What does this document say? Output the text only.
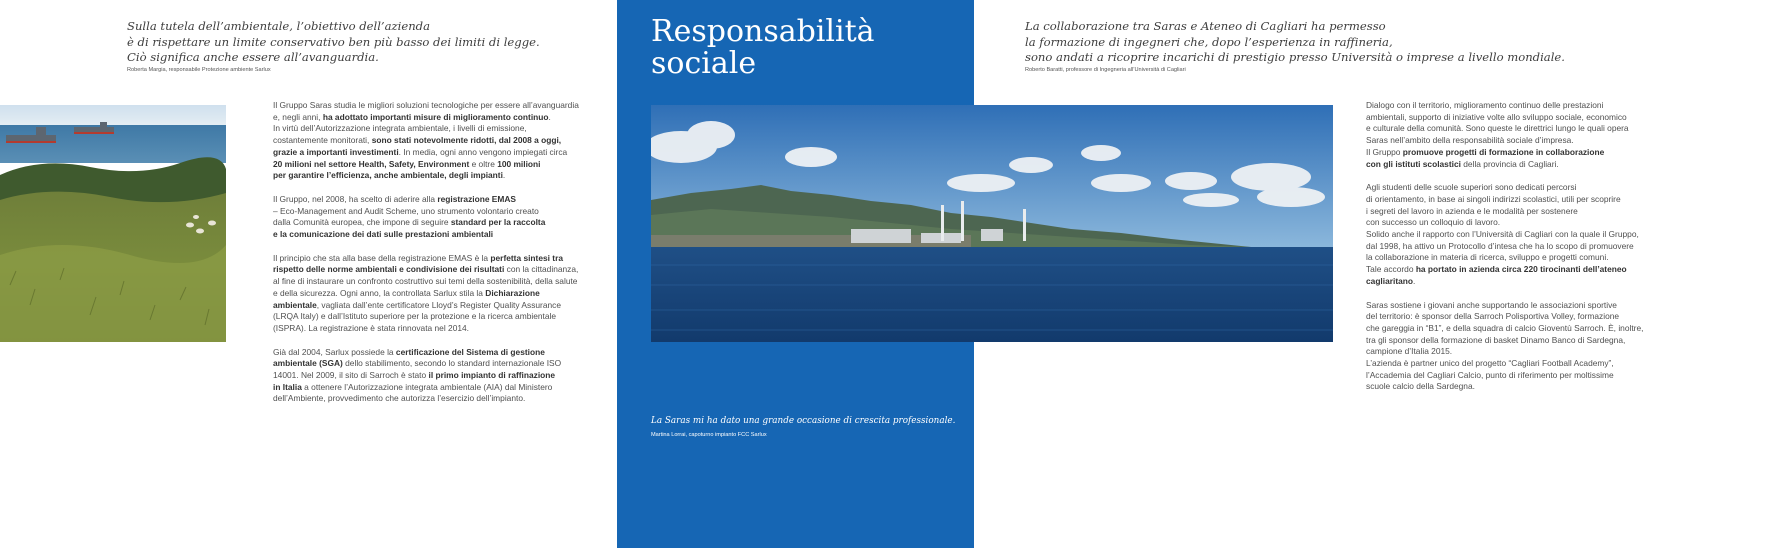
Sulla tutela dell’ambientale, l’obiettivo dell’azienda
è di rispettare un limite conservativo ben più basso dei limiti di legge.
Ciò significa anche essere all’avanguardia.
Roberta Margia, responsabile Protezione ambiente Sarlux

Il Gruppo Saras studia le migliori soluzioni tecnologiche per essere all’avanguardia
e, negli anni, ha adottato importanti misure di miglioramento continuo.
In virtù dell’Autorizzazione integrata ambientale, i livelli di emissione,
costantemente monitorati, sono stati notevolmente ridotti, dal 2008 a oggi,
grazie a importanti investimenti. In media, ogni anno vengono impiegati circa
20 milioni nel settore Health, Safety, Environment e oltre 100 milioni
per garantire l’efficienza, anche ambientale, degli impianti.

Il Gruppo, nel 2008, ha scelto di aderire alla registrazione EMAS
– Eco-Management and Audit Scheme, uno strumento volontario creato
dalla Comunità europea, che impone di seguire standard per la raccolta
e la comunicazione dei dati sulle prestazioni ambientali

Il principio che sta alla base della registrazione EMAS è la perfetta sintesi tra
rispetto delle norme ambientali e condivisione dei risultati con la cittadinanza,
al fine di instaurare un confronto costruttivo sui temi della sostenibilità, della salute
e della sicurezza. Ogni anno, la controllata Sarlux stila la Dichiarazione
ambientale, vagliata dall’ente certificatore Lloyd’s Register Quality Assurance
(LRQA Italy) e dall’Istituto superiore per la protezione e la ricerca ambientale
(ISPRA). La registrazione è stata rinnovata nel 2014.

Già dal 2004, Sarlux possiede la certificazione del Sistema di gestione
ambientale (SGA) dello stabilimento, secondo lo standard internazionale ISO
14001. Nel 2009, il sito di Sarroch è stato il primo impianto di raffinazione
in Italia a ottenere l’Autorizzazione integrata ambientale (AIA) dal Ministero
dell’Ambiente, provvedimento che autorizza l’esercizio dell’impianto.

Responsabilità
sociale
La Saras mi ha dato una grande occasione di crescita professionale.
Martina Lorrai, capoturno impianto FCC Sarlux
La collaborazione tra Saras e Ateneo di Cagliari ha permesso
la formazione di ingegneri che, dopo l’esperienza in raffineria,
sono andati a ricoprire incarichi di prestigio presso Università o imprese a livello mondiale.
Roberto Baratti, professore di Ingegneria all’Università di Cagliari

Dialogo con il territorio, miglioramento continuo delle prestazioni
ambientali, supporto di iniziative volte allo sviluppo sociale, economico
e culturale della comunità. Sono queste le direttrici lungo le quali opera
Saras nell’ambito della responsabilità sociale d’impresa.
Il Gruppo promuove progetti di formazione in collaborazione
con gli istituti scolastici della provincia di Cagliari.

Agli studenti delle scuole superiori sono dedicati percorsi
di orientamento, in base ai singoli indirizzi scolastici, utili per scoprire
i segreti del lavoro in azienda e le modalità per sostenere
con successo un colloquio di lavoro.
Solido anche il rapporto con l’Università di Cagliari con la quale il Gruppo,
dal 1998, ha attivo un Protocollo d’intesa che ha lo scopo di promuovere
la collaborazione in materia di ricerca, sviluppo e progetti comuni.
Tale accordo ha portato in azienda circa 220 tirocinanti dell’ateneo
cagliaritano.

Saras sostiene i giovani anche supportando le associazioni sportive
del territorio: è sponsor della Sarroch Polisportiva Volley, formazione
che gareggia in “B1”, e della squadra di calcio Gioventù Sarroch. È, inoltre,
tra gli sponsor della formazione di basket Dinamo Banco di Sardegna,
campione d’Italia 2015.
L’azienda è partner unico del progetto “Cagliari Football Academy”,
l’Accademia del Cagliari Calcio, punto di riferimento per moltissime
scuole calcio della Sardegna.
